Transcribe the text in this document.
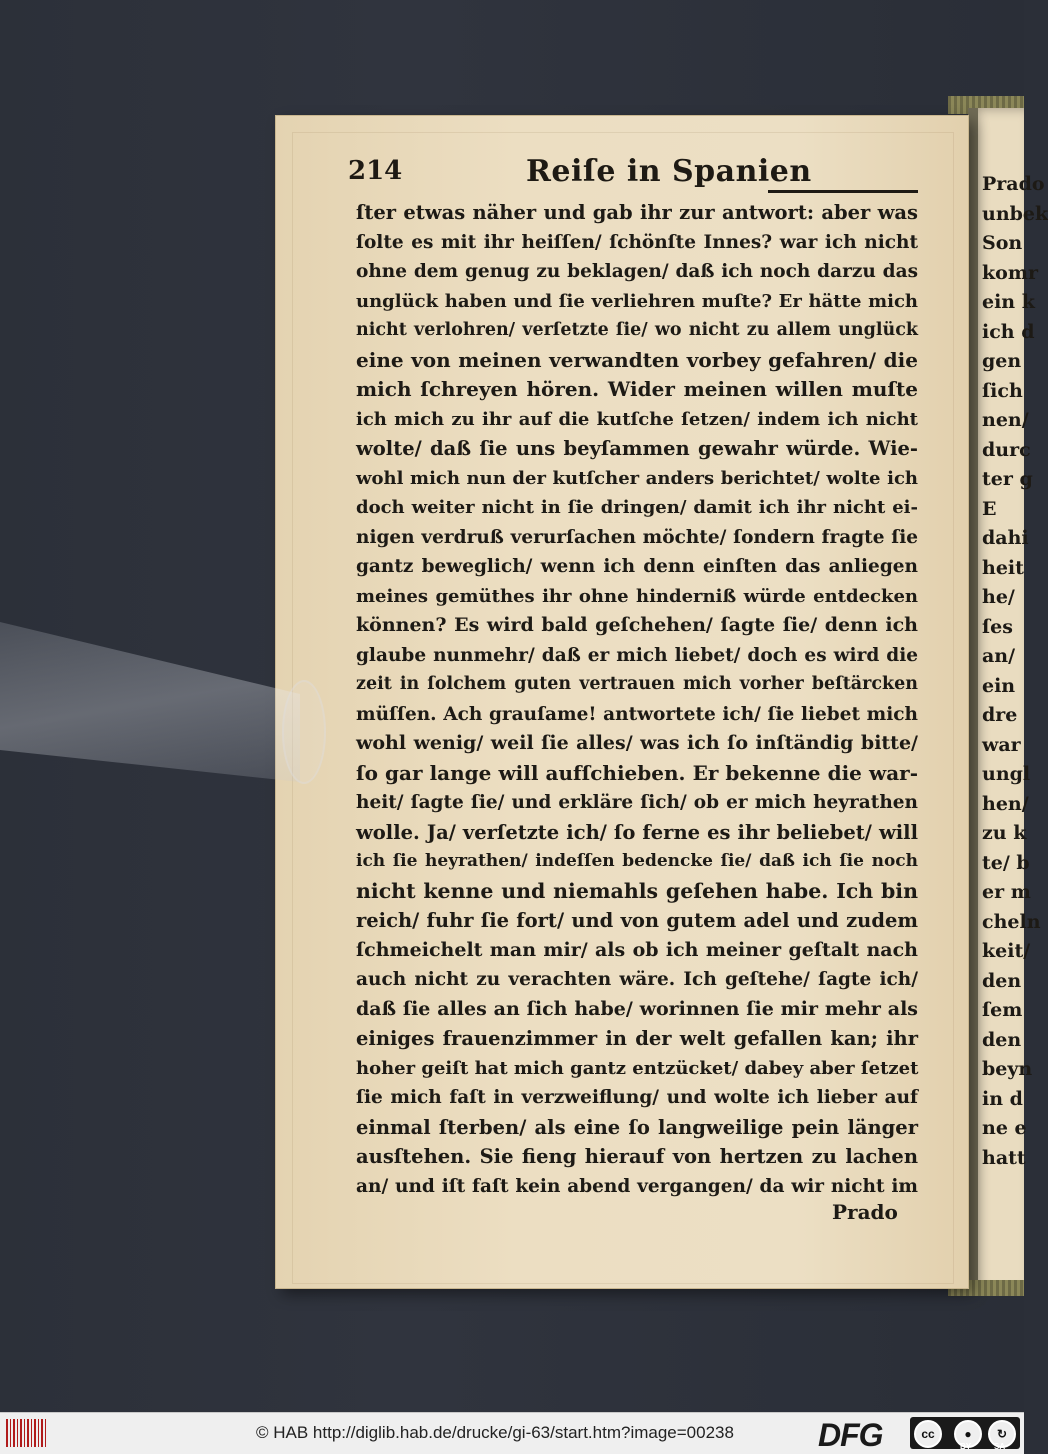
Prado
unbek
Son
komr
ein k
ich d
gen
ſich
nen/
durc
ter g
E
dahi
heit
he/
ſes
an/
ein
dre
war
ungl
hen/
zu k
te/ b
er m
cheln
keit/
den
ſem
den
beyn
in d
ne e
hatt
214	Reiſe in Spanien
ſter etwas näher und gab ihr zur antwort: aber was
ſolte es mit ihr heiſſen/ ſchönſte Innes? war ich nicht
ohne dem genug zu beklagen/ daß ich noch darzu das
unglück haben und ſie verliehren muſte? Er hätte mich
nicht verlohren/ verſetzte ſie/ wo nicht zu allem unglück
eine von meinen verwandten vorbey gefahren/ die
mich ſchreyen hören. Wider meinen willen muſte
ich mich zu ihr auf die kutſche ſetzen/ indem ich nicht
wolte/ daß ſie uns beyſammen gewahr würde. Wie-
wohl mich nun der kutſcher anders berichtet/ wolte ich
doch weiter nicht in ſie dringen/ damit ich ihr nicht ei-
nigen verdruß verurſachen möchte/ ſondern fragte ſie
gantz beweglich/ wenn ich denn einſten das anliegen
meines gemüthes ihr ohne hinderniß würde entdecken
können? Es wird bald geſchehen/ ſagte ſie/ denn ich
glaube nunmehr/ daß er mich liebet/ doch es wird die
zeit in ſolchem guten vertrauen mich vorher beſtärcken
müſſen. Ach grauſame! antwortete ich/ ſie liebet mich
wohl wenig/ weil ſie alles/ was ich ſo inſtändig bitte/
ſo gar lange will aufſchieben. Er bekenne die war-
heit/ ſagte ſie/ und erkläre ſich/ ob er mich heyrathen
wolle. Ja/ verſetzte ich/ ſo ferne es ihr beliebet/ will
ich ſie heyrathen/ indeſſen bedencke ſie/ daß ich ſie noch
nicht kenne und niemahls geſehen habe. Ich bin
reich/ fuhr ſie fort/ und von gutem adel und zudem
ſchmeichelt man mir/ als ob ich meiner geſtalt nach
auch nicht zu verachten wäre. Ich geſtehe/ ſagte ich/
daß ſie alles an ſich habe/ worinnen ſie mir mehr als
einiges frauenzimmer in der welt gefallen kan; ihr
hoher geiſt hat mich gantz entzücket/ dabey aber ſetzet
ſie mich faſt in verzweiflung/ und wolte ich lieber auf
einmal ſterben/ als eine ſo langweilige pein länger
ausſtehen. Sie fieng hierauf von hertzen zu lachen
an/ und iſt faſt kein abend vergangen/ da wir nicht im
Prado
© HAB http://diglib.hab.de/drucke/gi-63/start.htm?image=00238	DFG	cc	●	↻
BY	SA
